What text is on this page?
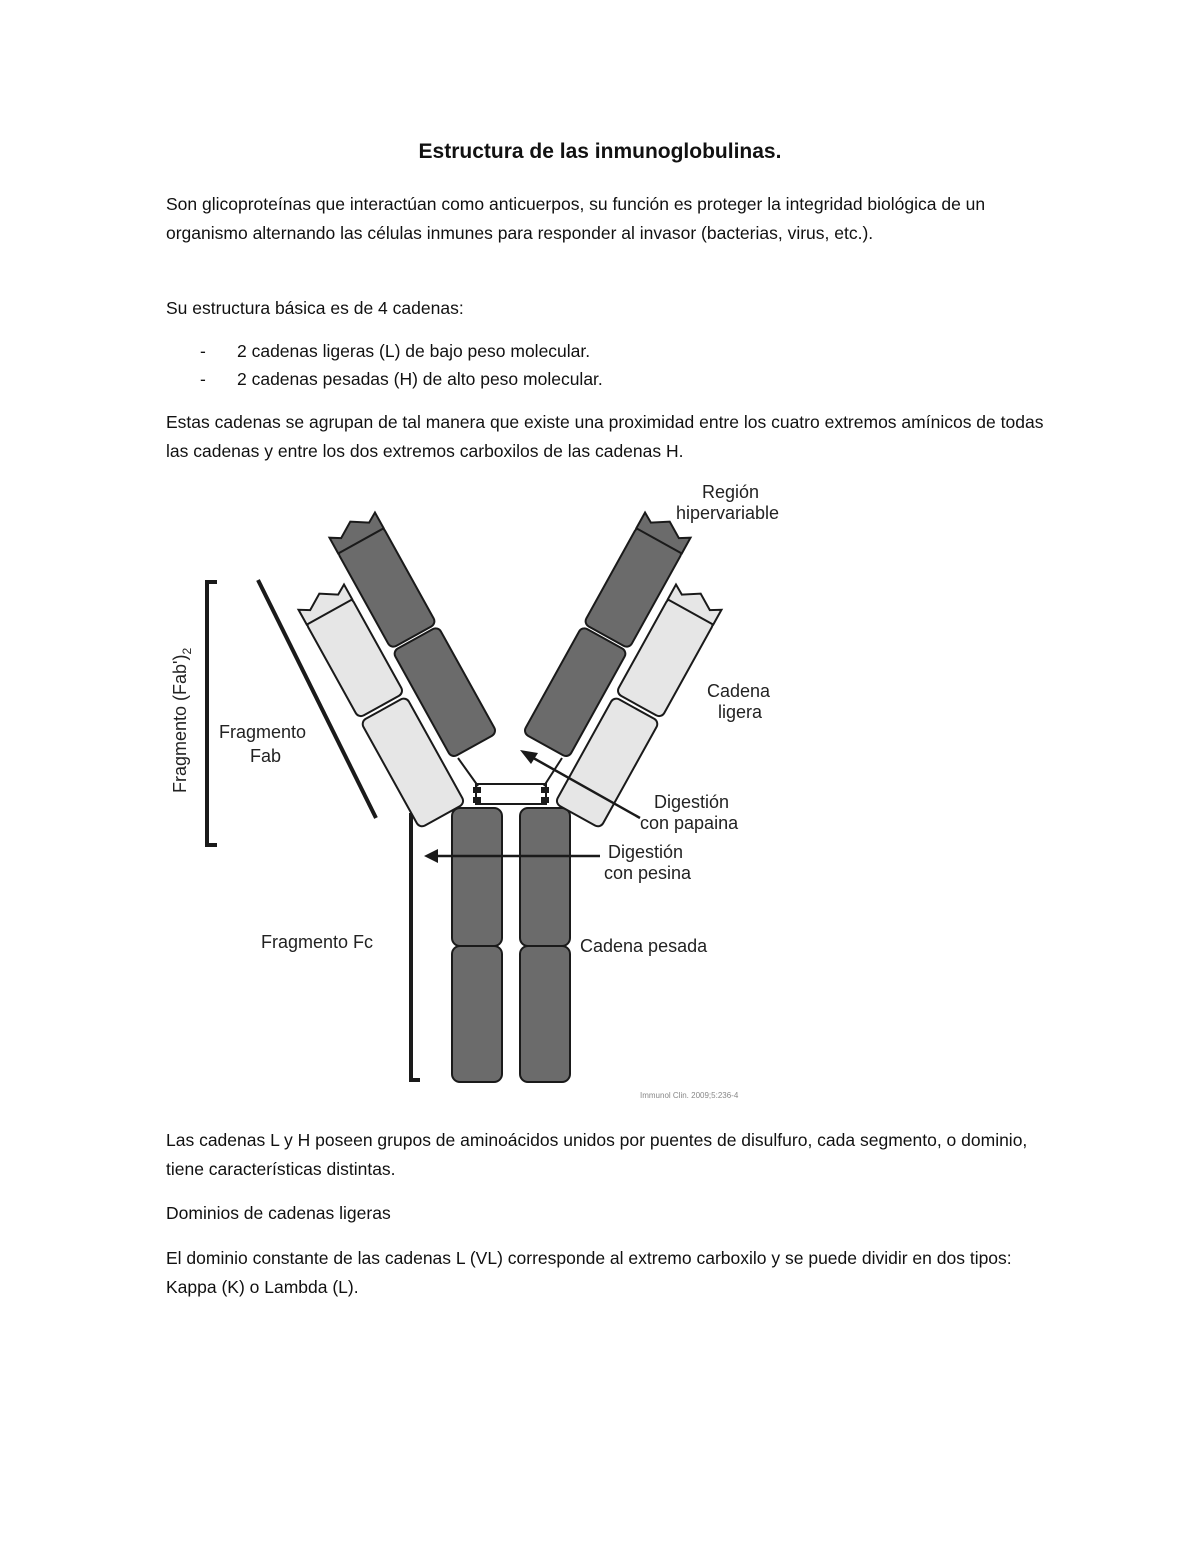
Estructura de las inmunoglobulinas.
Son glicoproteínas que interactúan como anticuerpos, su función es proteger la integridad biológica de un organismo alternando las células inmunes para responder al invasor (bacterias, virus, etc.).
Su estructura básica es de 4 cadenas:
- 2 cadenas ligeras (L) de bajo peso molecular.
- 2 cadenas pesadas (H) de alto peso molecular.
Estas cadenas se agrupan de tal manera que existe una proximidad entre los cuatro extremos amínicos de todas las cadenas y entre los dos extremos carboxilos de las cadenas H.
Región
hipervariable
Cadena
ligera
Digestión
con papaina
Digestión
con pesina
Cadena pesada
Fragmento Fc
Fragmento
Fab
Fragmento $(Fab')_2$
Immunol Clin. 2009;5:236-4
Las cadenas L y H poseen grupos de aminoácidos unidos por puentes de disulfuro, cada segmento, o dominio, tiene características distintas.
Dominios de cadenas ligeras
El dominio constante de las cadenas L (VL) corresponde al extremo carboxilo y se puede dividir en dos tipos: Kappa (K) o Lambda (L).
